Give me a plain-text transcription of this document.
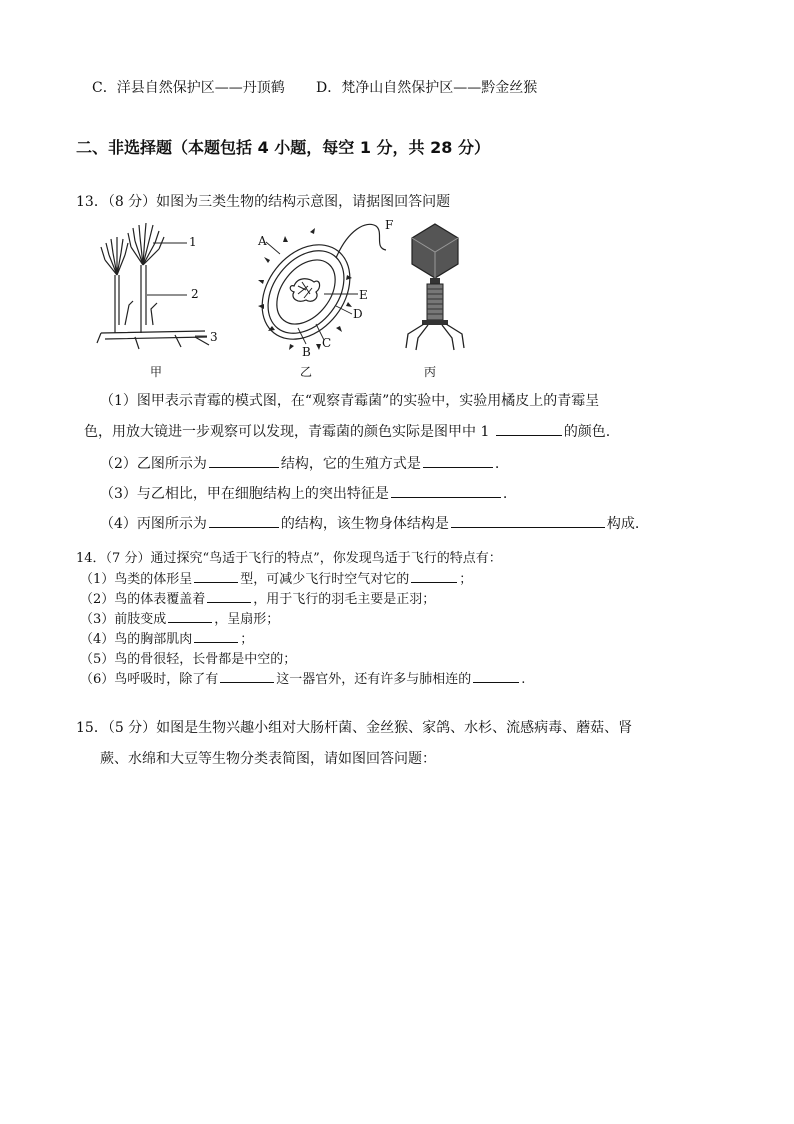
C．洋县自然保护区——丹顶鹤 D．梵净山自然保护区——黔金丝猴
二、非选择题（本题包括 4 小题，每空 1 分，共 28 分）
13．（8 分）如图为三类生物的结构示意图，请据图回答问题
1
2
3
甲
A
B
C
D
E
F
乙	丙
（1）图甲表示青霉的模式图，在“观察青霉菌”的实验中，实验用橘皮上的青霉呈
色，用放大镜进一步观察可以发现，青霉菌的颜色实际是图甲中 1	的颜色.
（2）乙图所示为	结构，它的生殖方式是	.
（3）与乙相比，甲在细胞结构上的突出特征是	.
（4）丙图所示为	的结构，该生物身体结构是	构成.
14．（7 分）通过探究“鸟适于飞行的特点”，你发现鸟适于飞行的特点有：
（1）鸟类的体形呈	型，可减少飞行时空气对它的	；
（2）鸟的体表覆盖着	，用于飞行的羽毛主要是正羽；
（3）前肢变成	，呈扇形；
（4）鸟的胸部肌肉	；
（5）鸟的骨很轻，长骨都是中空的；
（6）鸟呼吸时，除了有	这一器官外，还有许多与肺相连的	.
15．（5 分）如图是生物兴趣小组对大肠杆菌、金丝猴、家鸽、水杉、流感病毒、蘑菇、肾
蕨、水绵和大豆等生物分类表简图，请如图回答问题：
